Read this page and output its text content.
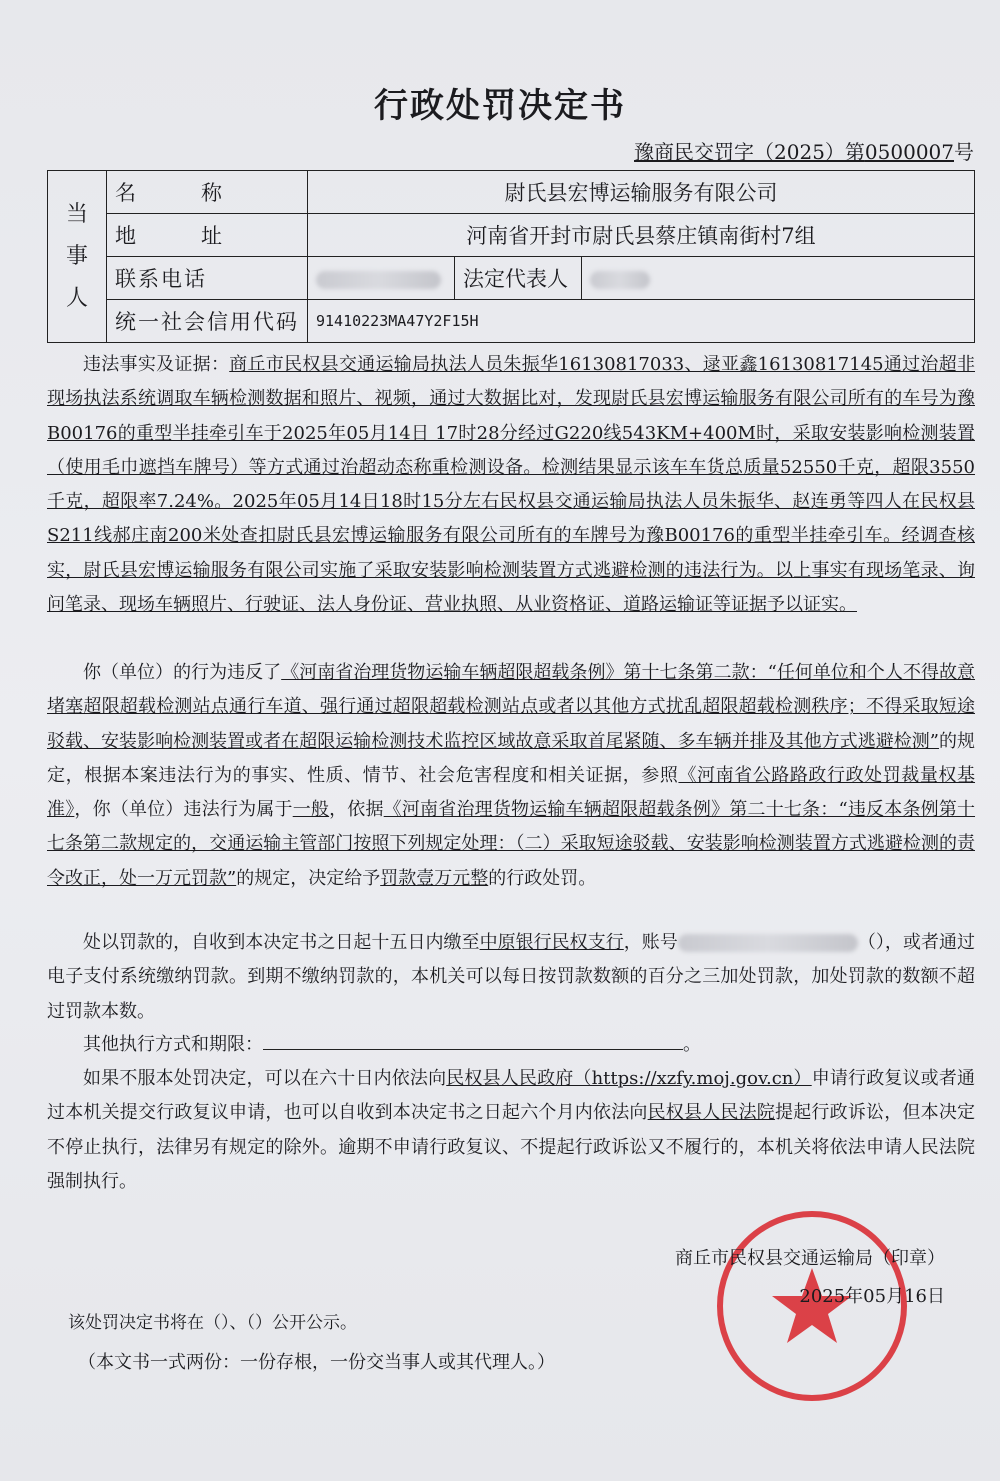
行政处罚决定书
豫商民交罚字（2025）第0500007号
当
事
人	名　称	尉氏县宏博运输服务有限公司		
	地　址	河南省开封市尉氏县蔡庄镇南街村7组		
	联系电话		法定代表人	
	统一社会信用代码	91410223MA47Y2F15H		

违法事实及证据：商丘市民权县交通运输局执法人员朱振华16130817033、逯亚鑫16130817145通过治超非现场执法系统调取车辆检测数据和照片、视频，通过大数据比对，发现尉氏县宏博运输服务有限公司所有的车号为豫B00176的重型半挂牵引车于2025年05月14日 17时28分经过G220线543KM+400M时，采取安装影响检测装置（使用毛巾遮挡车牌号）等方式通过治超动态称重检测设备。检测结果显示该车车货总质量52550千克，超限3550千克，超限率7.24%。2025年05月14日18时15分左右民权县交通运输局执法人员朱振华、赵连勇等四人在民权县S211线郝庄南200米处查扣尉氏县宏博运输服务有限公司所有的车牌号为豫B00176的重型半挂牵引车。经调查核实，尉氏县宏博运输服务有限公司实施了采取安装影响检测装置方式逃避检测的违法行为。以上事实有现场笔录、询问笔录、现场车辆照片、行驶证、法人身份证、营业执照、从业资格证、道路运输证等证据予以证实。

你（单位）的行为违反了《河南省治理货物运输车辆超限超载条例》第十七条第二款：“任何单位和个人不得故意堵塞超限超载检测站点通行车道、强行通过超限超载检测站点或者以其他方式扰乱超限超载检测秩序；不得采取短途驳载、安装影响检测装置或者在超限运输检测技术监控区域故意采取首尾紧随、多车辆并排及其他方式逃避检测”的规定，根据本案违法行为的事实、性质、情节、社会危害程度和相关证据，参照《河南省公路路政行政处罚裁量权基准》，你（单位）违法行为属于一般，依据《河南省治理货物运输车辆超限超载条例》第二十七条：“违反本条例第十七条第二款规定的，交通运输主管部门按照下列规定处理：（二）采取短途驳载、安装影响检测装置方式逃避检测的责令改正，处一万元罚款”的规定，决定给予罚款壹万元整的行政处罚。

处以罚款的，自收到本决定书之日起十五日内缴至中原银行民权支行，账号	（），或者通过电子支付系统缴纳罚款。到期不缴纳罚款的，本机关可以每日按罚款数额的百分之三加处罚款，加处罚款的数额不超过罚款本数。

其他执行方式和期限：	。

如果不服本处罚决定，可以在六十日内依法向民权县人民政府（https://xzfy.moj.gov.cn）申请行政复议或者通过本机关提交行政复议申请，也可以自收到本决定书之日起六个月内依法向民权县人民法院提起行政诉讼，但本决定不停止执行，法律另有规定的除外。逾期不申请行政复议、不提起行政诉讼又不履行的，本机关将依法申请人民法院强制执行。

商丘市民权县交通运输局（印章）
2025年05月16日
该处罚决定书将在（）、（）公开公示。
（本文书一式两份：一份存根，一份交当事人或其代理人。）
